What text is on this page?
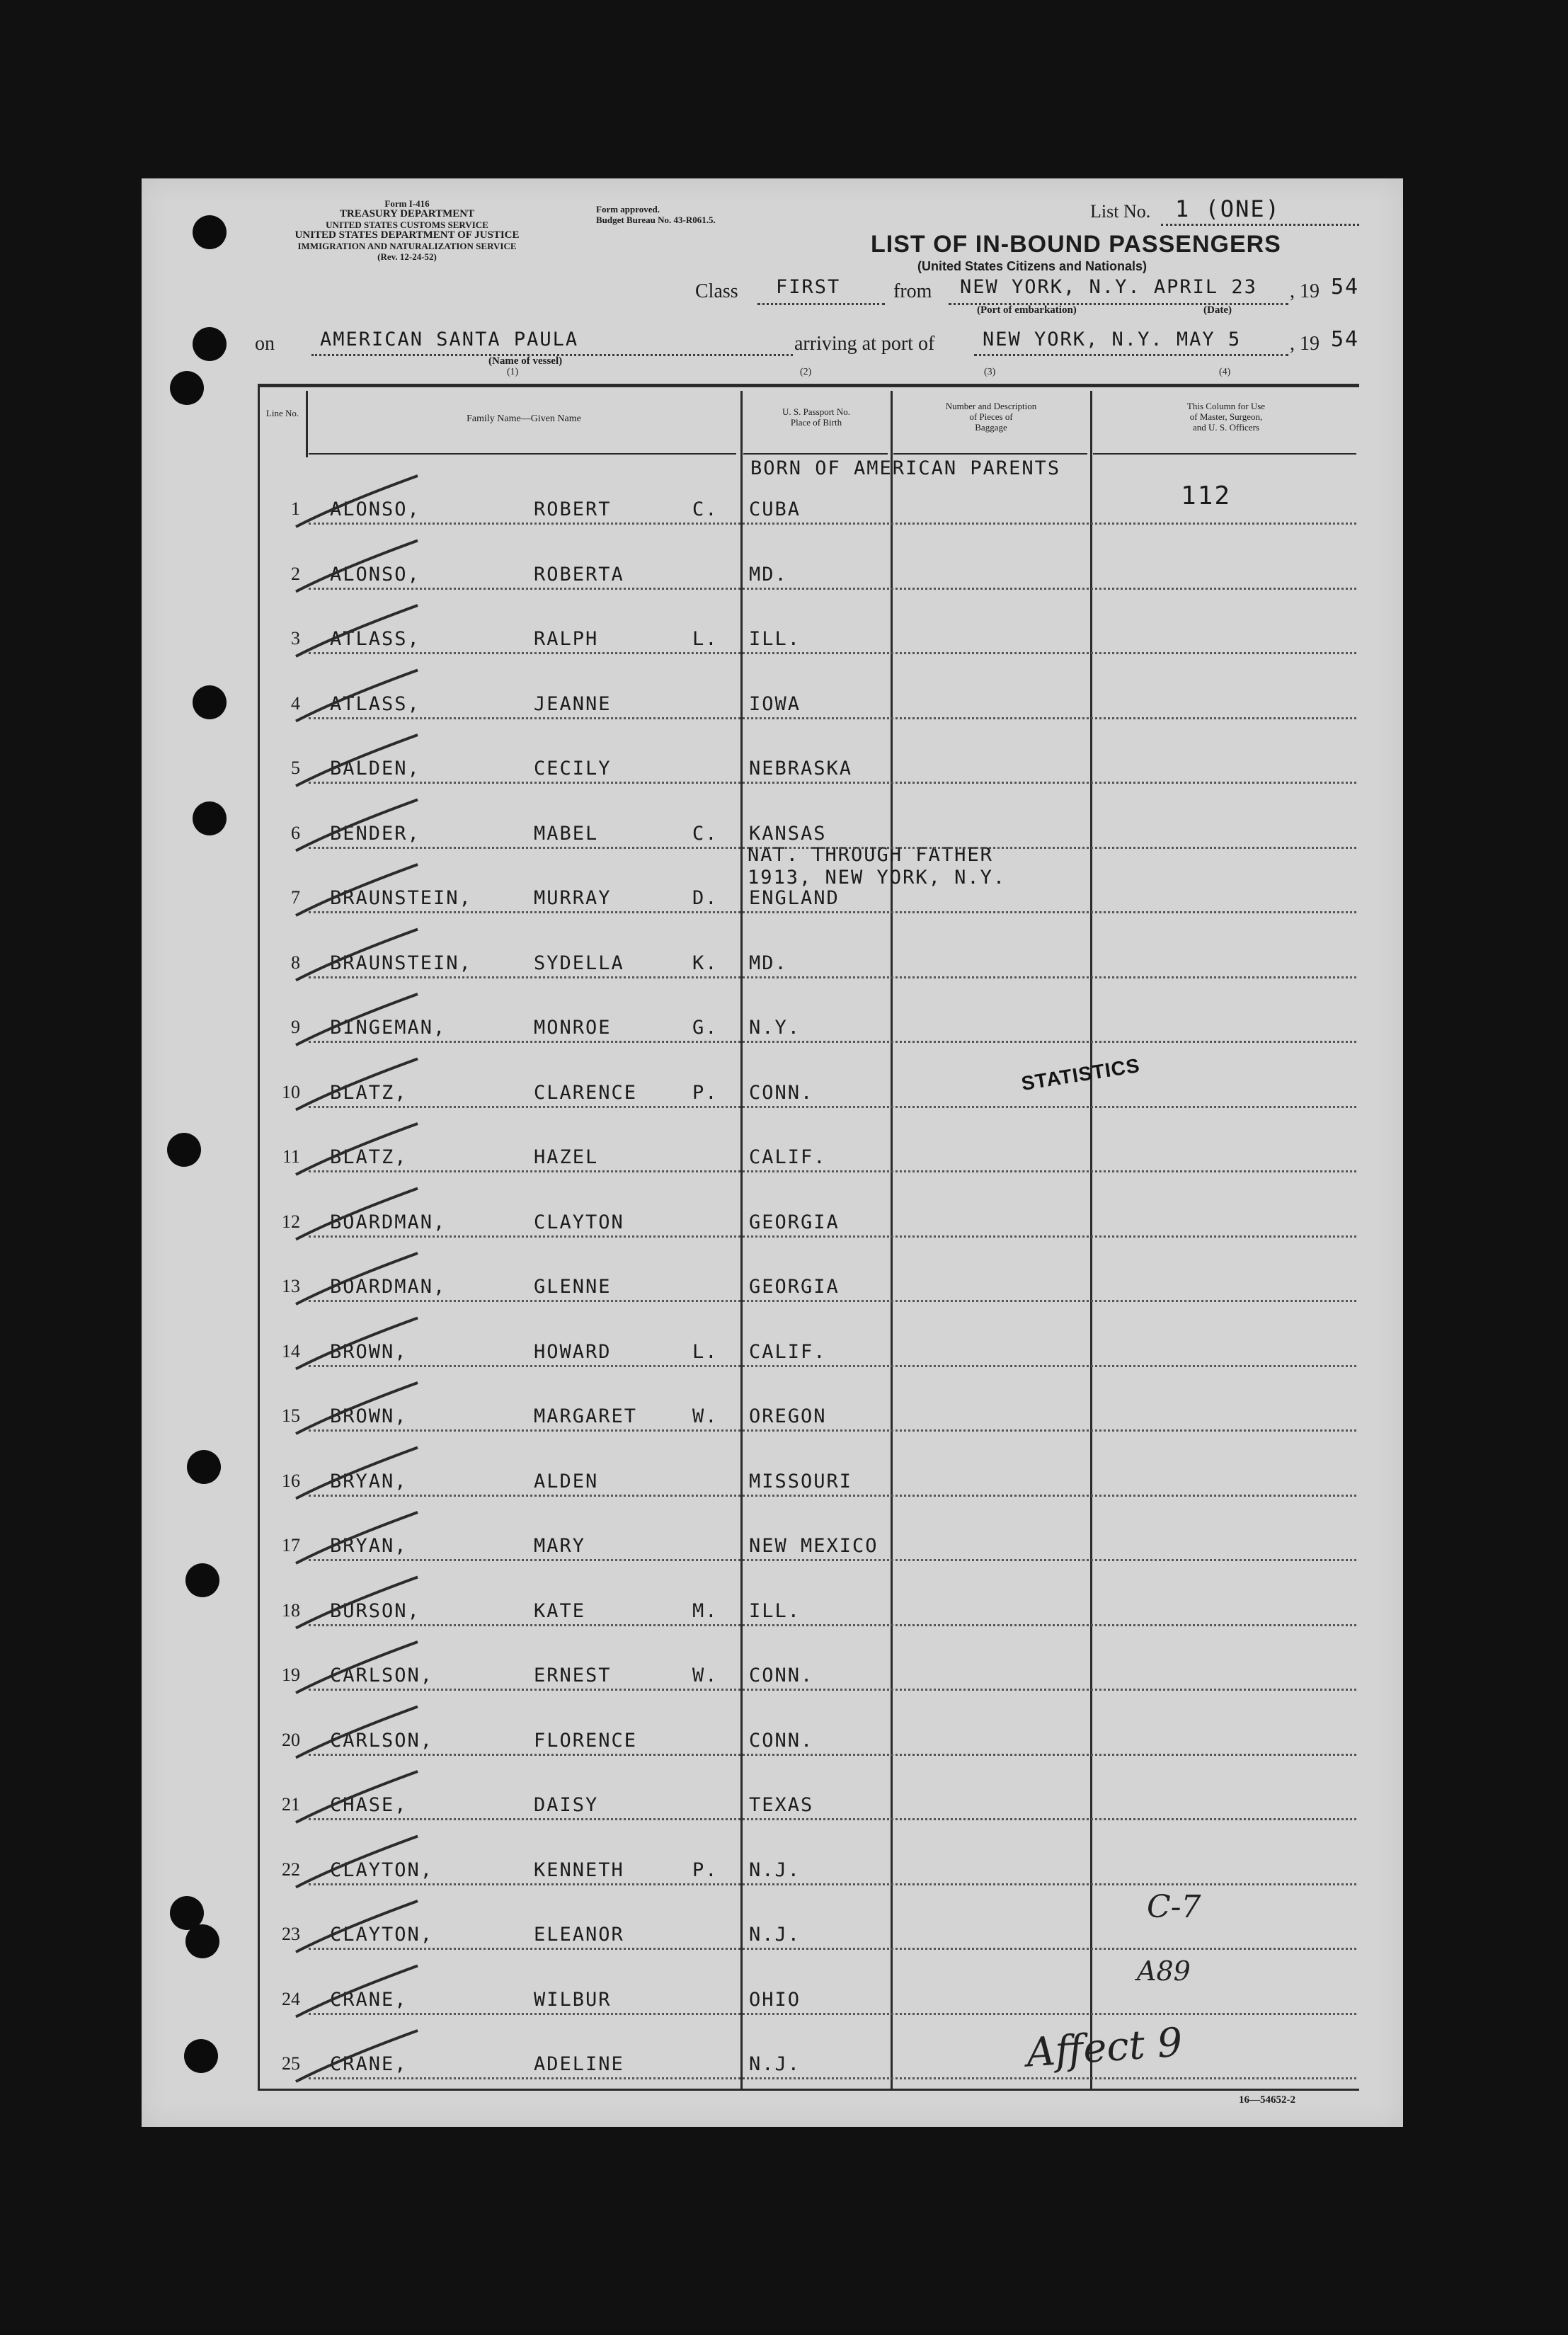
Form I-416
TREASURY DEPARTMENT
UNITED STATES CUSTOMS SERVICE
UNITED STATES DEPARTMENT OF JUSTICE
IMMIGRATION AND NATURALIZATION SERVICE
(Rev. 12-24-52)
Form approved.
Budget Bureau No. 43-R061.5.	List No. 1 (ONE)
LIST OF IN-BOUND PASSENGERS
(United States Citizens and Nationals)
Class FIRST	from NEW YORK, N.Y. APRIL 23
(Port of embarkation)	(Date)
, 19 54
on AMERICAN SANTA PAULA
(Name of vessel)
(1)
arriving at port of	NEW YORK, N.Y. MAY 5
(2)	(3)	(4)
, 19 54
Line No.
Family Name—Given Name
U. S. Passport No.
Place of Birth
Number and Description
of Pieces of
Baggage
This Column for Use
of Master, Surgeon,
and U. S. Officers
BORN OF AMERICAN PARENTS
112
NAT. THROUGH FATHER
1913, NEW YORK, N.Y.
STATISTICS
C-7
A89
Affect 9
1 ALONSO,	ROBERT	C. CUBA
2 ALONSO,	ROBERTA	MD.
3 ATLASS,	RALPH	L. ILL.
4 ATLASS,	JEANNE	IOWA
5 BALDEN,	CECILY	NEBRASKA
6 BENDER,	MABEL	C. KANSAS
7 BRAUNSTEIN,	MURRAY	D. ENGLAND
8 BRAUNSTEIN,	SYDELLA	K. MD.
9 BINGEMAN,	MONROE	G. N.Y.
10 BLATZ,	CLARENCE	P. CONN.
11 BLATZ,	HAZEL	CALIF.
12 BOARDMAN,	CLAYTON	GEORGIA
13 BOARDMAN,	GLENNE	GEORGIA
14 BROWN,	HOWARD	L. CALIF.
15 BROWN,	MARGARET	W. OREGON
16 BRYAN,	ALDEN	MISSOURI
17 BRYAN,	MARY	NEW MEXICO
18 BURSON,	KATE	M. ILL.
19 CARLSON,	ERNEST	W. CONN.
20 CARLSON,	FLORENCE	CONN.
21 CHASE,	DAISY	TEXAS
22 CLAYTON,	KENNETH	P. N.J.
23 CLAYTON,	ELEANOR	N.J.
24 CRANE,	WILBUR	OHIO
25 CRANE,	ADELINE	N.J.
16—54652-2
